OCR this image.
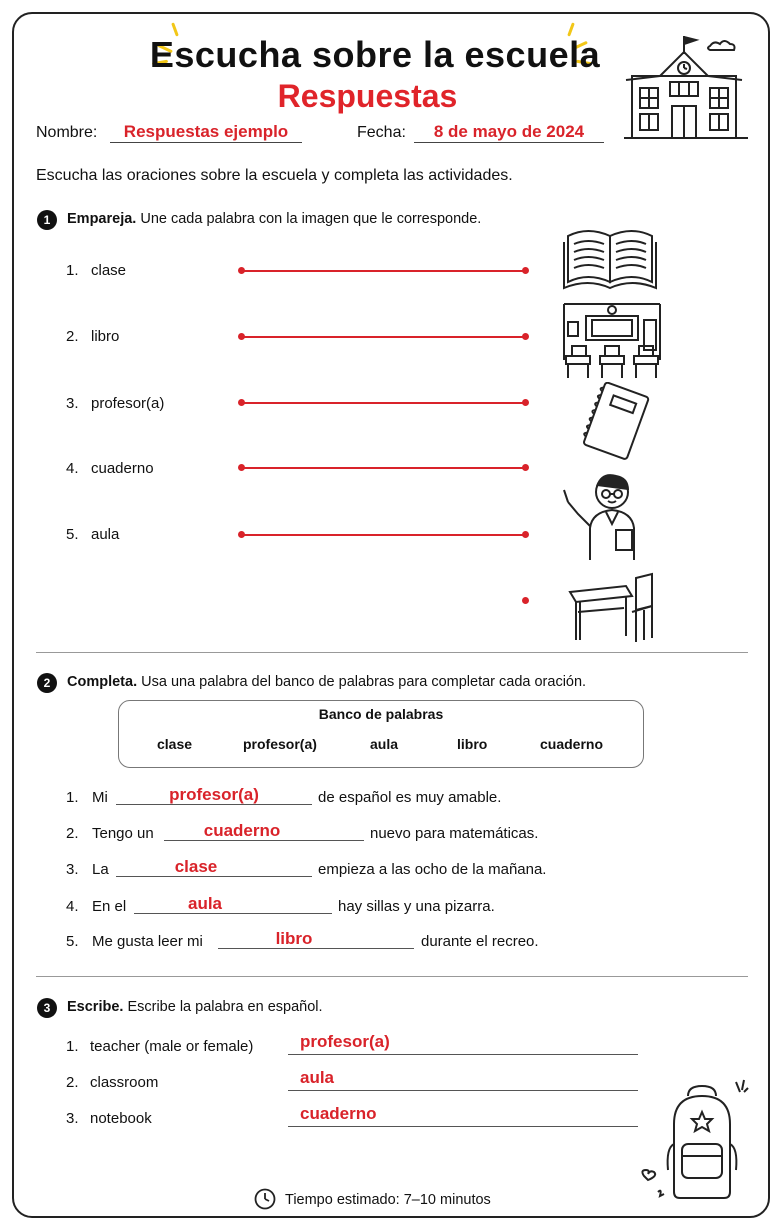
Escucha sobre la escuela
Respuestas
Nombre:	Respuestas ejemplo	Fecha:	8 de mayo de 2024
Escucha las oraciones sobre la escuela y completa las actividades.
1	Empareja. Une cada palabra con la imagen que le corresponde.
1. clase
2. libro
3. profesor(a)
4. cuaderno
5. aula
2	Completa. Usa una palabra del banco de palabras para completar cada oración.
Banco de palabras
clase	profesor(a)	aula	libro	cuaderno
1. Mi	profesor(a)	de español es muy amable.
2. Tengo un	cuaderno	nuevo para matemáticas.
3. La	clase	empieza a las ocho de la mañana.
4. En el	aula	hay sillas y una pizarra.
5. Me gusta leer mi	libro	durante el recreo.
3	Escribe. Escribe la palabra en español.
1. teacher (male or female)	profesor(a)
2. classroom	aula
3. notebook	cuaderno
Tiempo estimado: 7–10 minutos
